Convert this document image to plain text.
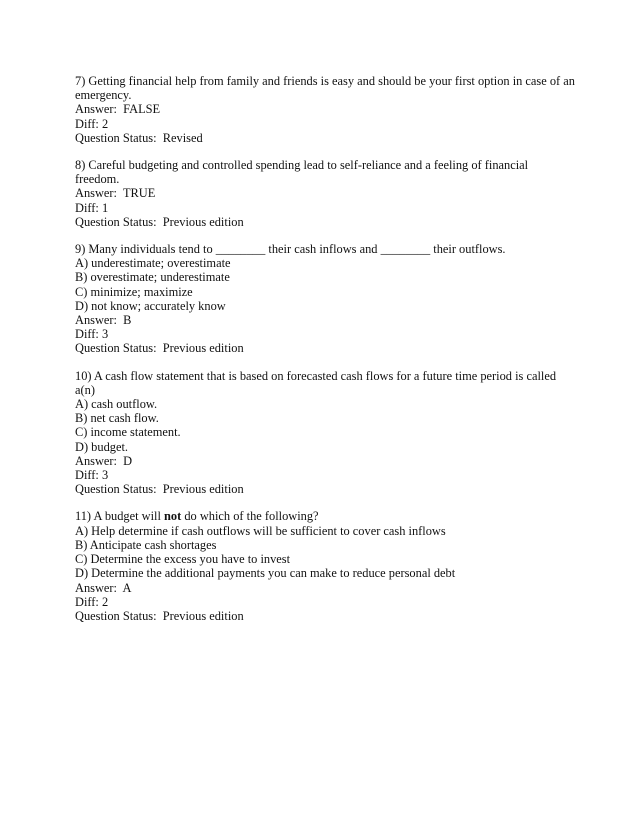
7) Getting financial help from family and friends is easy and should be your first option in case of an emergency.
Answer:  FALSE
Diff: 2
Question Status:  Revised
8) Careful budgeting and controlled spending lead to self-reliance and a feeling of financial freedom.
Answer:  TRUE
Diff: 1
Question Status:  Previous edition
9) Many individuals tend to ________ their cash inflows and ________ their outflows.
A) underestimate; overestimate
B) overestimate; underestimate
C) minimize; maximize
D) not know; accurately know
Answer:  B
Diff: 3
Question Status:  Previous edition
10) A cash flow statement that is based on forecasted cash flows for a future time period is called a(n)
A) cash outflow.
B) net cash flow.
C) income statement.
D) budget.
Answer:  D
Diff: 3
Question Status:  Previous edition
11) A budget will not do which of the following?
A) Help determine if cash outflows will be sufficient to cover cash inflows
B) Anticipate cash shortages
C) Determine the excess you have to invest
D) Determine the additional payments you can make to reduce personal debt
Answer:  A
Diff: 2
Question Status:  Previous edition
